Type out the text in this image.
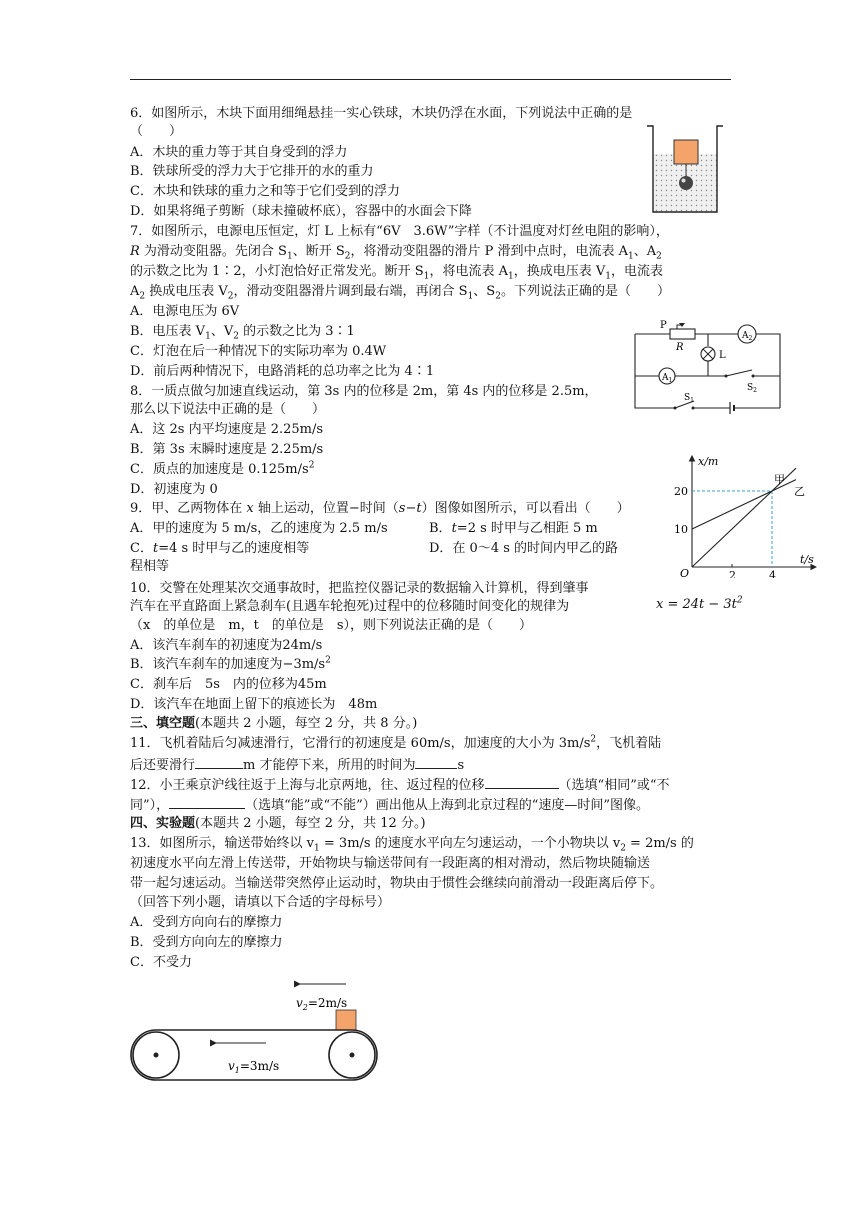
6．如图所示，木块下面用细绳悬挂一实心铁球，木块仍浮在水面，下列说法中正确的是
（　　）
A．木块的重力等于其自身受到的浮力
B．铁球所受的浮力大于它排开的水的重力
C．木块和铁球的重力之和等于它们受到的浮力
D．如果将绳子剪断（球未撞破杯底），容器中的水面会下降
7．如图所示，电源电压恒定，灯 L 上标有“6V　3.6W”字样（不计温度对灯丝电阻的影响），
R 为滑动变阻器。先闭合 $S_1$、断开 $S_2$，将滑动变阻器的滑片 P 滑到中点时，电流表 $A_1$、$A_2$
的示数之比为 1∶2，小灯泡恰好正常发光。断开 $S_1$，将电流表 $A_1$，换成电压表 $V_1$，电流表
$A_2$ 换成电压表 $V_2$，滑动变阻器滑片调到最右端，再闭合 $S_1$、$S_2$。下列说法正确的是（　　）
A．电源电压为 6V
B．电压表 $V_1$、$V_2$ 的示数之比为 3∶1
C．灯泡在后一种情况下的实际功率为 0.4W
D．前后两种情况下，电路消耗的总功率之比为 4∶1
P
R
$A_2$
L
$A_1$
$S_2$
$S_1$
8．一质点做匀加速直线运动，第 3s 内的位移是 2m，第 4s 内的位移是 2.5m，
那么以下说法中正确的是（　　）
A．这 2s 内平均速度是 2.25m/s
B．第 3s 末瞬时速度是 2.25m/s
C．质点的加速度是 $0.125m/s^2$
D．初速度为 0
9．甲、乙两物体在 x 轴上运动，位置−时间（s−t）图像如图所示，可以看出（　　）
A．甲的速度为 5 m/s，乙的速度为 2.5 m/s	B．t=2 s 时甲与乙相距 5 m
C．t=4 s 时甲与乙的速度相等	D．在 0～4 s 的时间内甲乙的路
程相等
x/m
t/s
O
20
10
2	4
甲
乙
10．交警在处理某次交通事故时，把监控仪器记录的数据输入计算机，得到肇事
汽车在平直路面上紧急刹车(且遇车轮抱死)过程中的位移随时间变化的规律为	$x = 24t - 3t^2$
（x　的单位是　m，t　的单位是　s），则下列说法正确的是（　　）
A．该汽车刹车的初速度为24m/s
B．该汽车刹车的加速度为$-3m/s^2$
C．刹车后　5s　内的位移为45m
D．该汽车在地面上留下的痕迹长为　48m
三、填空题(本题共 2 小题，每空 2 分，共 8 分。)
11．飞机着陆后匀减速滑行，它滑行的初速度是 60m/s，加速度的大小为 $3m/s^2$，飞机着陆
后还要滑行	m 才能停下来，所用的时间为	s
12．小王乘京沪线往返于上海与北京两地，往、返过程的位移	（选填“相同”或“不
同”），	（选填“能”或“不能”）画出他从上海到北京过程的“速度—时间”图像。
四、实验题(本题共 2 小题，每空 2 分，共 12 分。)
13．如图所示，输送带始终以 $v_1 = 3m/s$ 的速度水平向左匀速运动，一个小物块以 $v_2 = 2m/s$ 的
初速度水平向左滑上传送带，开始物块与输送带间有一段距离的相对滑动，然后物块随输送
带一起匀速运动。当输送带突然停止运动时，物块由于惯性会继续向前滑动一段距离后停下。
（回答下列小题，请填以下合适的字母标号）
A．受到方向向右的摩擦力
B．受到方向向左的摩擦力
C．不受力
$v_2=2m/s$
$v_1=3m/s$
